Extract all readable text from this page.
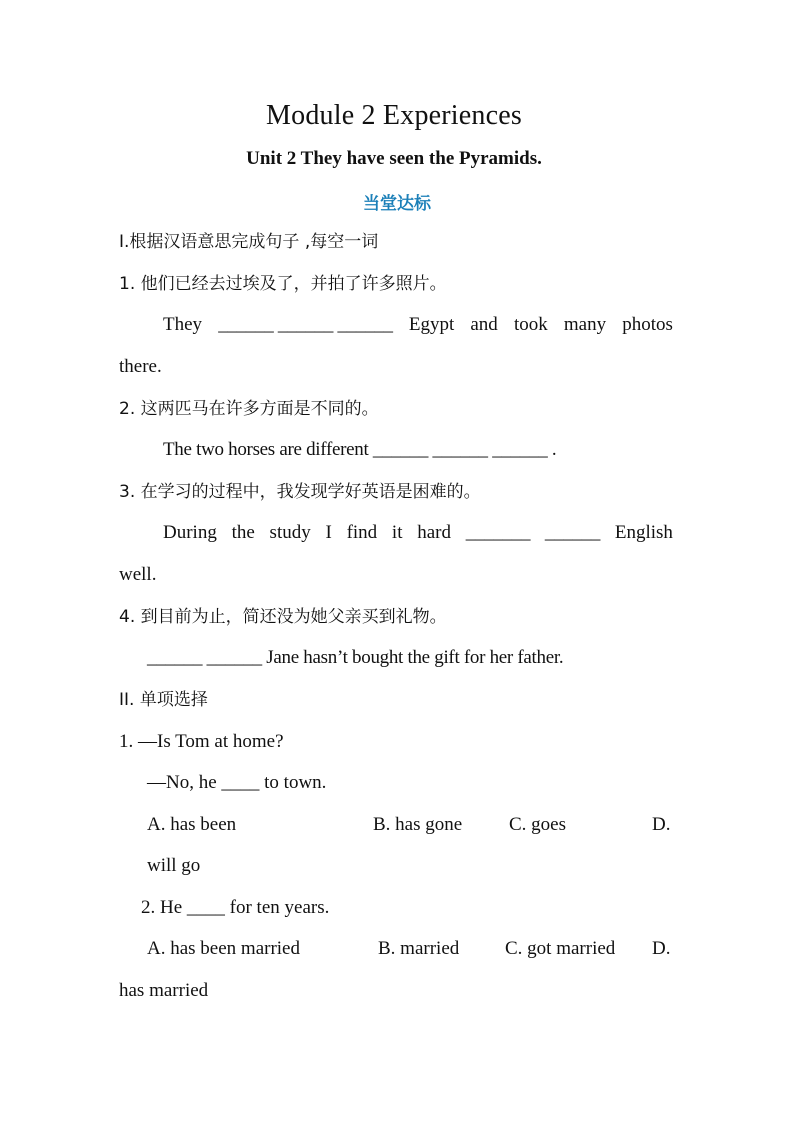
Module 2 Experiences
Unit 2 They have seen the Pyramids.
当堂达标
I.根据汉语意思完成句子 ,每空一词
1. 他们已经去过埃及了，并拍了许多照片。
They ______ ______ ______ Egypt and took many photos
there.
2. 这两匹马在许多方面是不同的。
The two horses are different ______ ______ ______ .
3. 在学习的过程中，我发现学好英语是困难的。
During the study I find it hard _______ ______ English
well.
4. 到目前为止，简还没为她父亲买到礼物。
______ ______ Jane hasn’t bought the gift for her father.
II. 单项选择
1. —Is Tom at home?
—No, he ____ to town.
A. has been	B. has gone C. goes	D.
will go
2. He ____ for ten years.
A. has been married	B. married C. got married D.
has married
